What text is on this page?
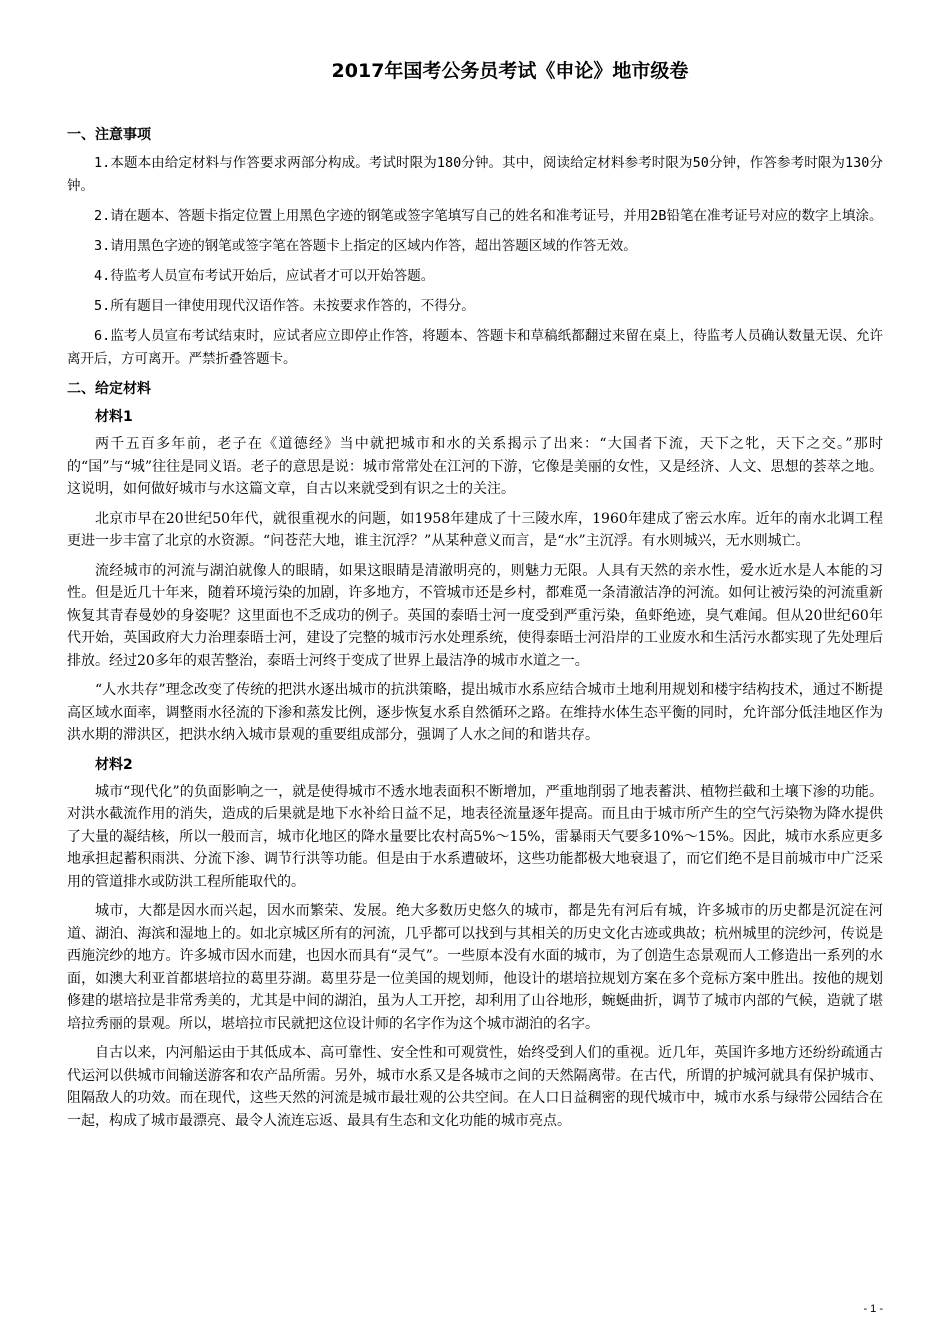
2017年国考公务员考试《申论》地市级卷
一、注意事项

1.本题本由给定材料与作答要求两部分构成。考试时限为180分钟。其中，阅读给定材料参考时限为50分钟，作答参考时限为130分钟。

2.请在题本、答题卡指定位置上用黑色字迹的钢笔或签字笔填写自己的姓名和准考证号，并用2B铅笔在准考证号对应的数字上填涂。

3.请用黑色字迹的钢笔或签字笔在答题卡上指定的区域内作答，超出答题区域的作答无效。

4.待监考人员宣布考试开始后，应试者才可以开始答题。

5.所有题目一律使用现代汉语作答。未按要求作答的，不得分。

6.监考人员宣布考试结束时，应试者应立即停止作答，将题本、答题卡和草稿纸都翻过来留在桌上，待监考人员确认数量无误、允许离开后，方可离开。严禁折叠答题卡。

二、给定材料
材料1

两千五百多年前，老子在《道德经》当中就把城市和水的关系揭示了出来：“大国者下流，天下之牝，天下之交。”那时的“国”与“城”往往是同义语。老子的意思是说：城市常常处在江河的下游，它像是美丽的女性，又是经济、人文、思想的荟萃之地。这说明，如何做好城市与水这篇文章，自古以来就受到有识之士的关注。

北京市早在20世纪50年代，就很重视水的问题，如1958年建成了十三陵水库，1960年建成了密云水库。近年的南水北调工程更进一步丰富了北京的水资源。“问苍茫大地，谁主沉浮？”从某种意义而言，是“水”主沉浮。有水则城兴，无水则城亡。

流经城市的河流与湖泊就像人的眼睛，如果这眼睛是清澈明亮的，则魅力无限。人具有天然的亲水性，爱水近水是人本能的习性。但是近几十年来，随着环境污染的加剧，许多地方，不管城市还是乡村，都难觅一条清澈洁净的河流。如何让被污染的河流重新恢复其青春曼妙的身姿呢？这里面也不乏成功的例子。英国的泰晤士河一度受到严重污染，鱼虾绝迹，臭气难闻。但从20世纪60年代开始，英国政府大力治理泰晤士河，建设了完整的城市污水处理系统，使得泰晤士河沿岸的工业废水和生活污水都实现了先处理后排放。经过20多年的艰苦整治，泰晤士河终于变成了世界上最洁净的城市水道之一。

“人水共存”理念改变了传统的把洪水逐出城市的抗洪策略，提出城市水系应结合城市土地利用规划和楼宇结构技术，通过不断提高区域水面率，调整雨水径流的下渗和蒸发比例，逐步恢复水系自然循环之路。在维持水体生态平衡的同时，允许部分低洼地区作为洪水期的滞洪区，把洪水纳入城市景观的重要组成部分，强调了人水之间的和谐共存。

材料2

城市“现代化”的负面影响之一，就是使得城市不透水地表面积不断增加，严重地削弱了地表蓄洪、植物拦截和土壤下渗的功能。对洪水截流作用的消失，造成的后果就是地下水补给日益不足，地表径流量逐年提高。而且由于城市所产生的空气污染物为降水提供了大量的凝结核，所以一般而言，城市化地区的降水量要比农村高5%～15%，雷暴雨天气要多10%～15%。因此，城市水系应更多地承担起蓄积雨洪、分流下渗、调节行洪等功能。但是由于水系遭破坏，这些功能都极大地衰退了，而它们绝不是目前城市中广泛采用的管道排水或防洪工程所能取代的。

城市，大都是因水而兴起，因水而繁荣、发展。绝大多数历史悠久的城市，都是先有河后有城，许多城市的历史都是沉淀在河道、湖泊、海滨和湿地上的。如北京城区所有的河流，几乎都可以找到与其相关的历史文化古迹或典故；杭州城里的浣纱河，传说是西施浣纱的地方。许多城市因水而建，也因水而具有“灵气”。一些原本没有水面的城市，为了创造生态景观而人工修造出一系列的水面，如澳大利亚首都堪培拉的葛里芬湖。葛里芬是一位美国的规划师，他设计的堪培拉规划方案在多个竞标方案中胜出。按他的规划修建的堪培拉是非常秀美的，尤其是中间的湖泊，虽为人工开挖，却利用了山谷地形，蜿蜒曲折，调节了城市内部的气候，造就了堪培拉秀丽的景观。所以，堪培拉市民就把这位设计师的名字作为这个城市湖泊的名字。

自古以来，内河船运由于其低成本、高可靠性、安全性和可观赏性，始终受到人们的重视。近几年，英国许多地方还纷纷疏通古代运河以供城市间输送游客和农产品所需。另外，城市水系又是各城市之间的天然隔离带。在古代，所谓的护城河就具有保护城市、阻隔敌人的功效。而在现代，这些天然的河流是城市最壮观的公共空间。在人口日益稠密的现代城市中，城市水系与绿带公园结合在一起，构成了城市最漂亮、最令人流连忘返、最具有生态和文化功能的城市亮点。

- 1 -
